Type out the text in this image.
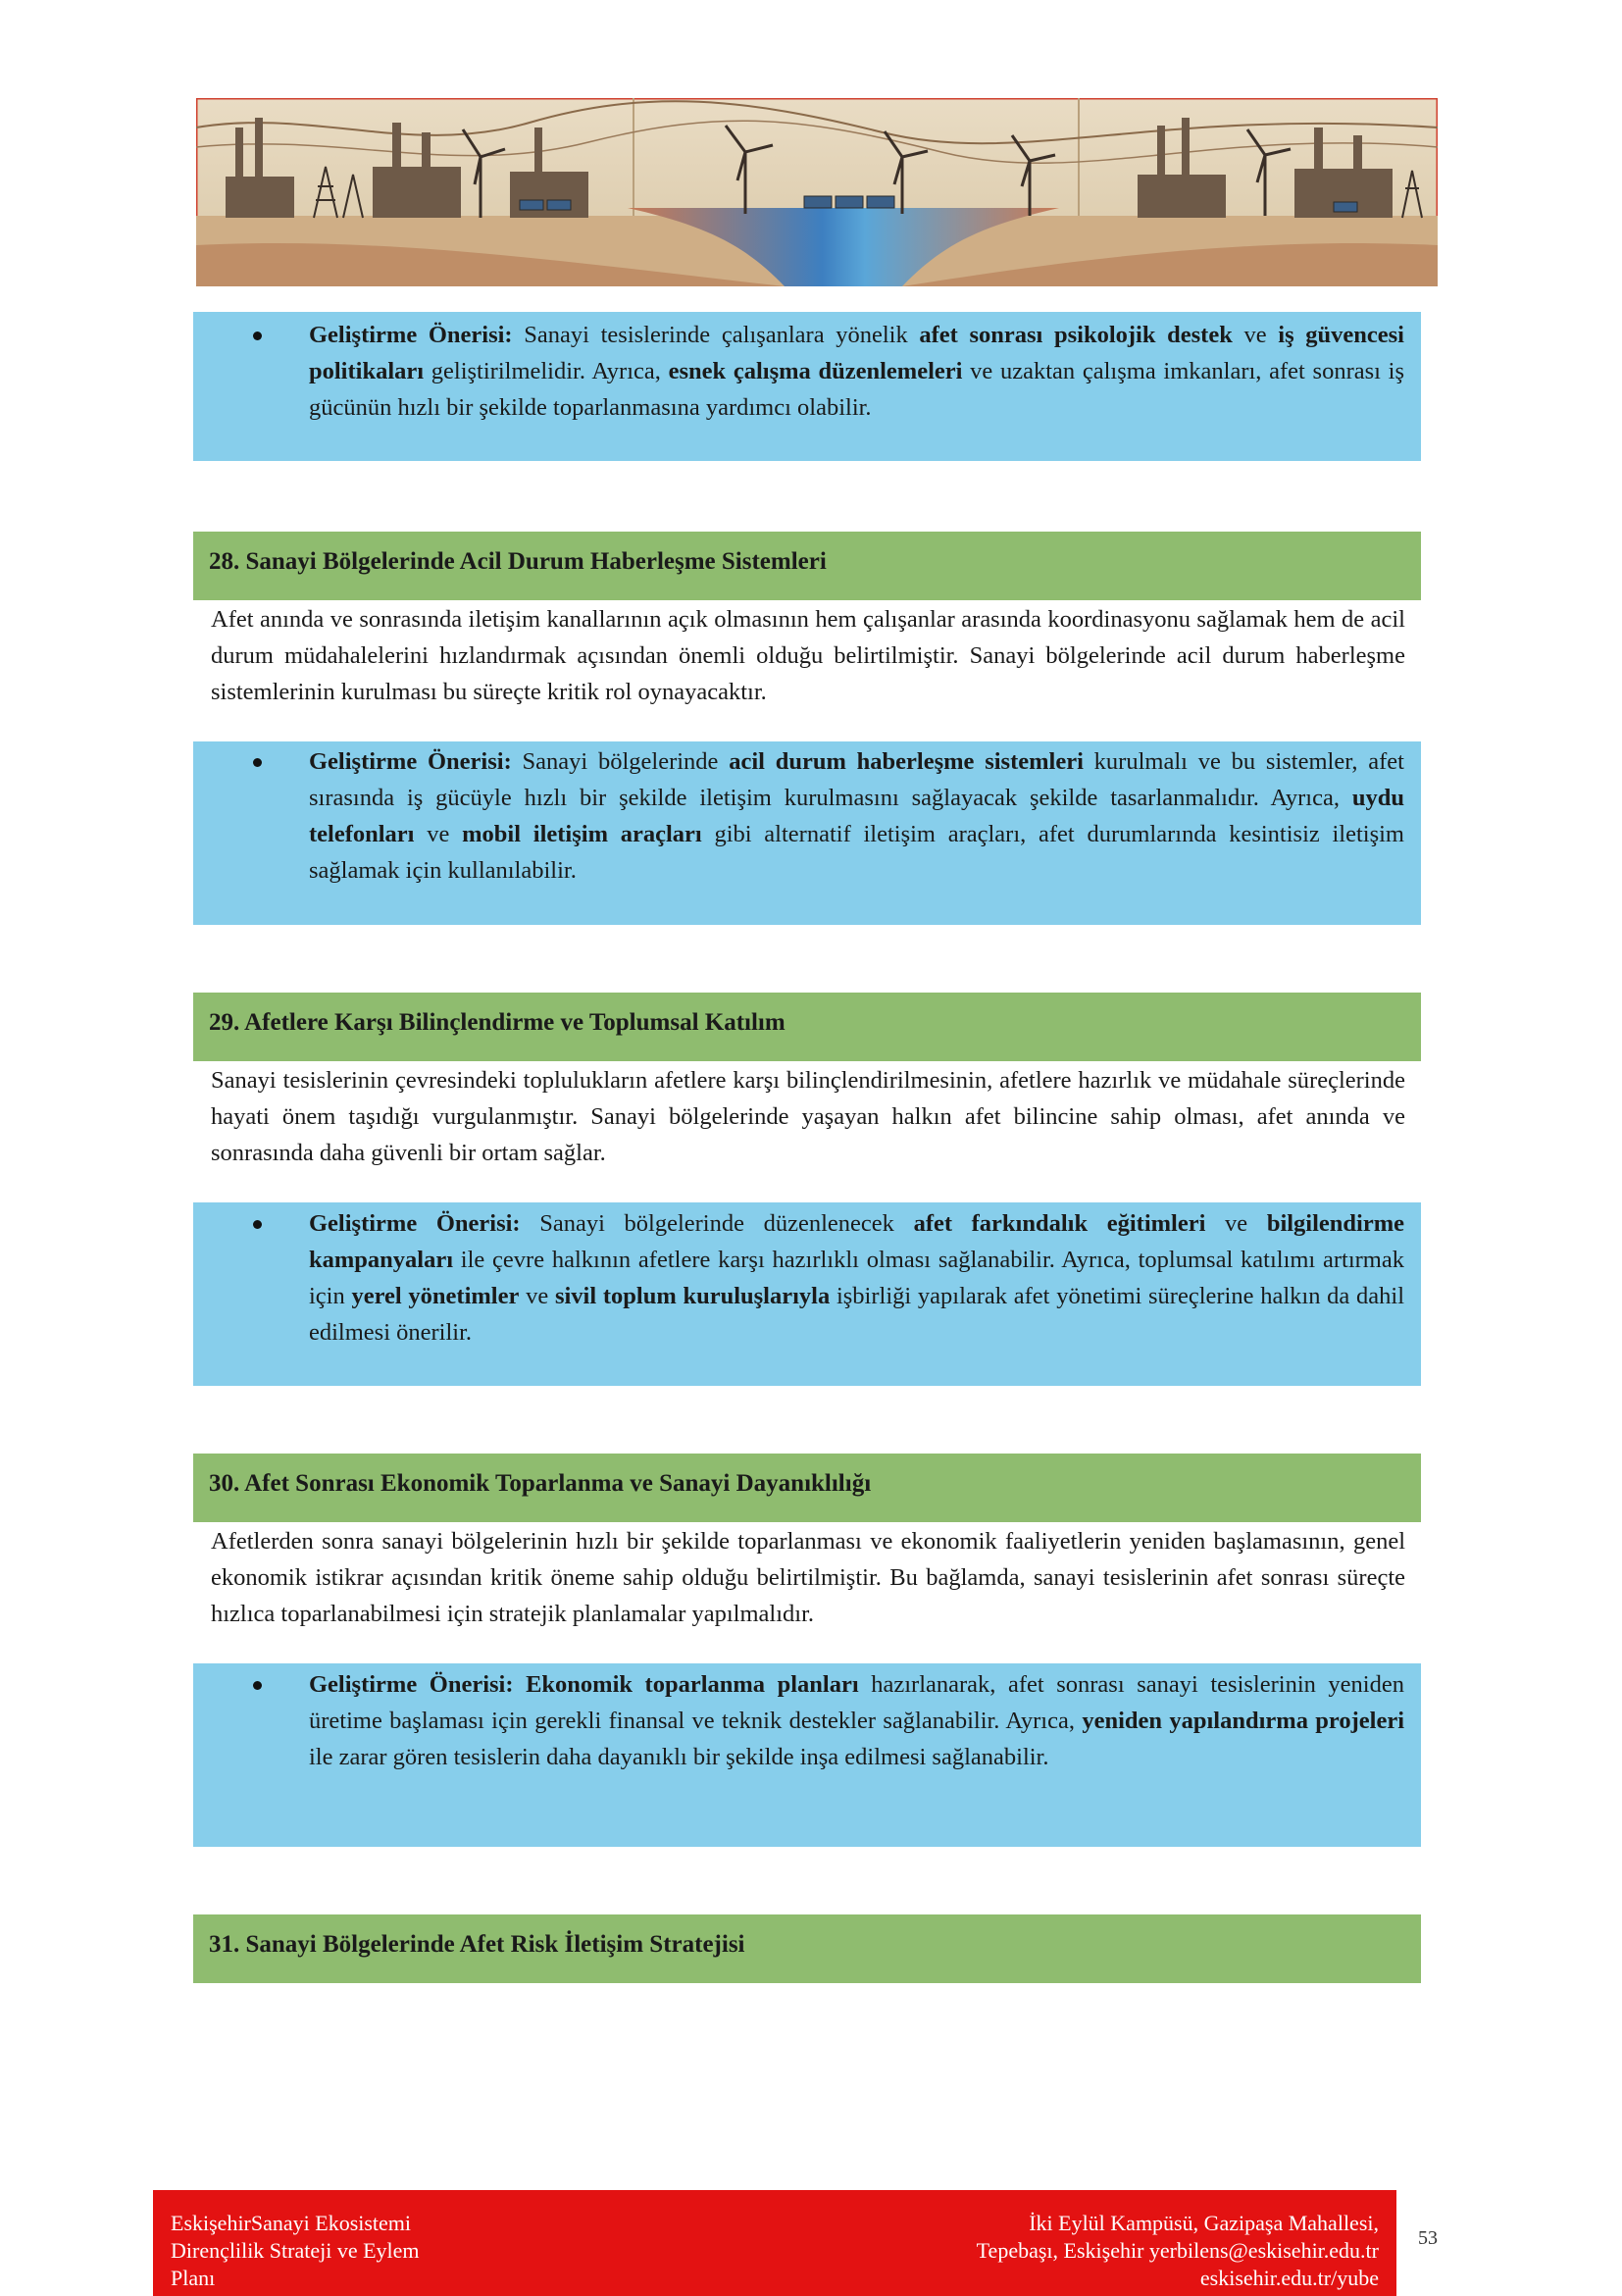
Geliştirme Önerisi: Sanayi tesislerinde çalışanlara yönelik afet sonrası psikolojik destek ve iş güvencesi politikaları geliştirilmelidir. Ayrıca, esnek çalışma düzenlemeleri ve uzaktan çalışma imkanları, afet sonrası iş gücünün hızlı bir şekilde toparlanmasına yardımcı olabilir.
28. Sanayi Bölgelerinde Acil Durum Haberleşme Sistemleri

Afet anında ve sonrasında iletişim kanallarının açık olmasının hem çalışanlar arasında koordinasyonu sağlamak hem de acil durum müdahalelerini hızlandırmak açısından önemli olduğu belirtilmiştir. Sanayi bölgelerinde acil durum haberleşme sistemlerinin kurulması bu süreçte kritik rol oynayacaktır.

Geliştirme Önerisi: Sanayi bölgelerinde acil durum haberleşme sistemleri kurulmalı ve bu sistemler, afet sırasında iş gücüyle hızlı bir şekilde iletişim kurulmasını sağlayacak şekilde tasarlanmalıdır. Ayrıca, uydu telefonları ve mobil iletişim araçları gibi alternatif iletişim araçları, afet durumlarında kesintisiz iletişim sağlamak için kullanılabilir.
29. Afetlere Karşı Bilinçlendirme ve Toplumsal Katılım

Sanayi tesislerinin çevresindeki toplulukların afetlere karşı bilinçlendirilmesinin, afetlere hazırlık ve müdahale süreçlerinde hayati önem taşıdığı vurgulanmıştır. Sanayi bölgelerinde yaşayan halkın afet bilincine sahip olması, afet anında ve sonrasında daha güvenli bir ortam sağlar.

Geliştirme Önerisi: Sanayi bölgelerinde düzenlenecek afet farkındalık eğitimleri ve bilgilendirme kampanyaları ile çevre halkının afetlere karşı hazırlıklı olması sağlanabilir. Ayrıca, toplumsal katılımı artırmak için yerel yönetimler ve sivil toplum kuruluşlarıyla işbirliği yapılarak afet yönetimi süreçlerine halkın da dahil edilmesi önerilir.
30. Afet Sonrası Ekonomik Toparlanma ve Sanayi Dayanıklılığı

Afetlerden sonra sanayi bölgelerinin hızlı bir şekilde toparlanması ve ekonomik faaliyetlerin yeniden başlamasının, genel ekonomik istikrar açısından kritik öneme sahip olduğu belirtilmiştir. Bu bağlamda, sanayi tesislerinin afet sonrası süreçte hızlıca toparlanabilmesi için stratejik planlamalar yapılmalıdır.

Geliştirme Önerisi: Ekonomik toparlanma planları hazırlanarak, afet sonrası sanayi tesislerinin yeniden üretime başlaması için gerekli finansal ve teknik destekler sağlanabilir. Ayrıca, yeniden yapılandırma projeleri ile zarar gören tesislerin daha dayanıklı bir şekilde inşa edilmesi sağlanabilir.
31. Sanayi Bölgelerinde Afet Risk İletişim Stratejisi
EskişehirSanayi Ekosistemi
Dirençlilik Strateji ve Eylem
Planı
İki Eylül Kampüsü, Gazipaşa Mahallesi,
Tepebaşı, Eskişehir yerbilens@eskisehir.edu.tr
eskisehir.edu.tr/yube
53
